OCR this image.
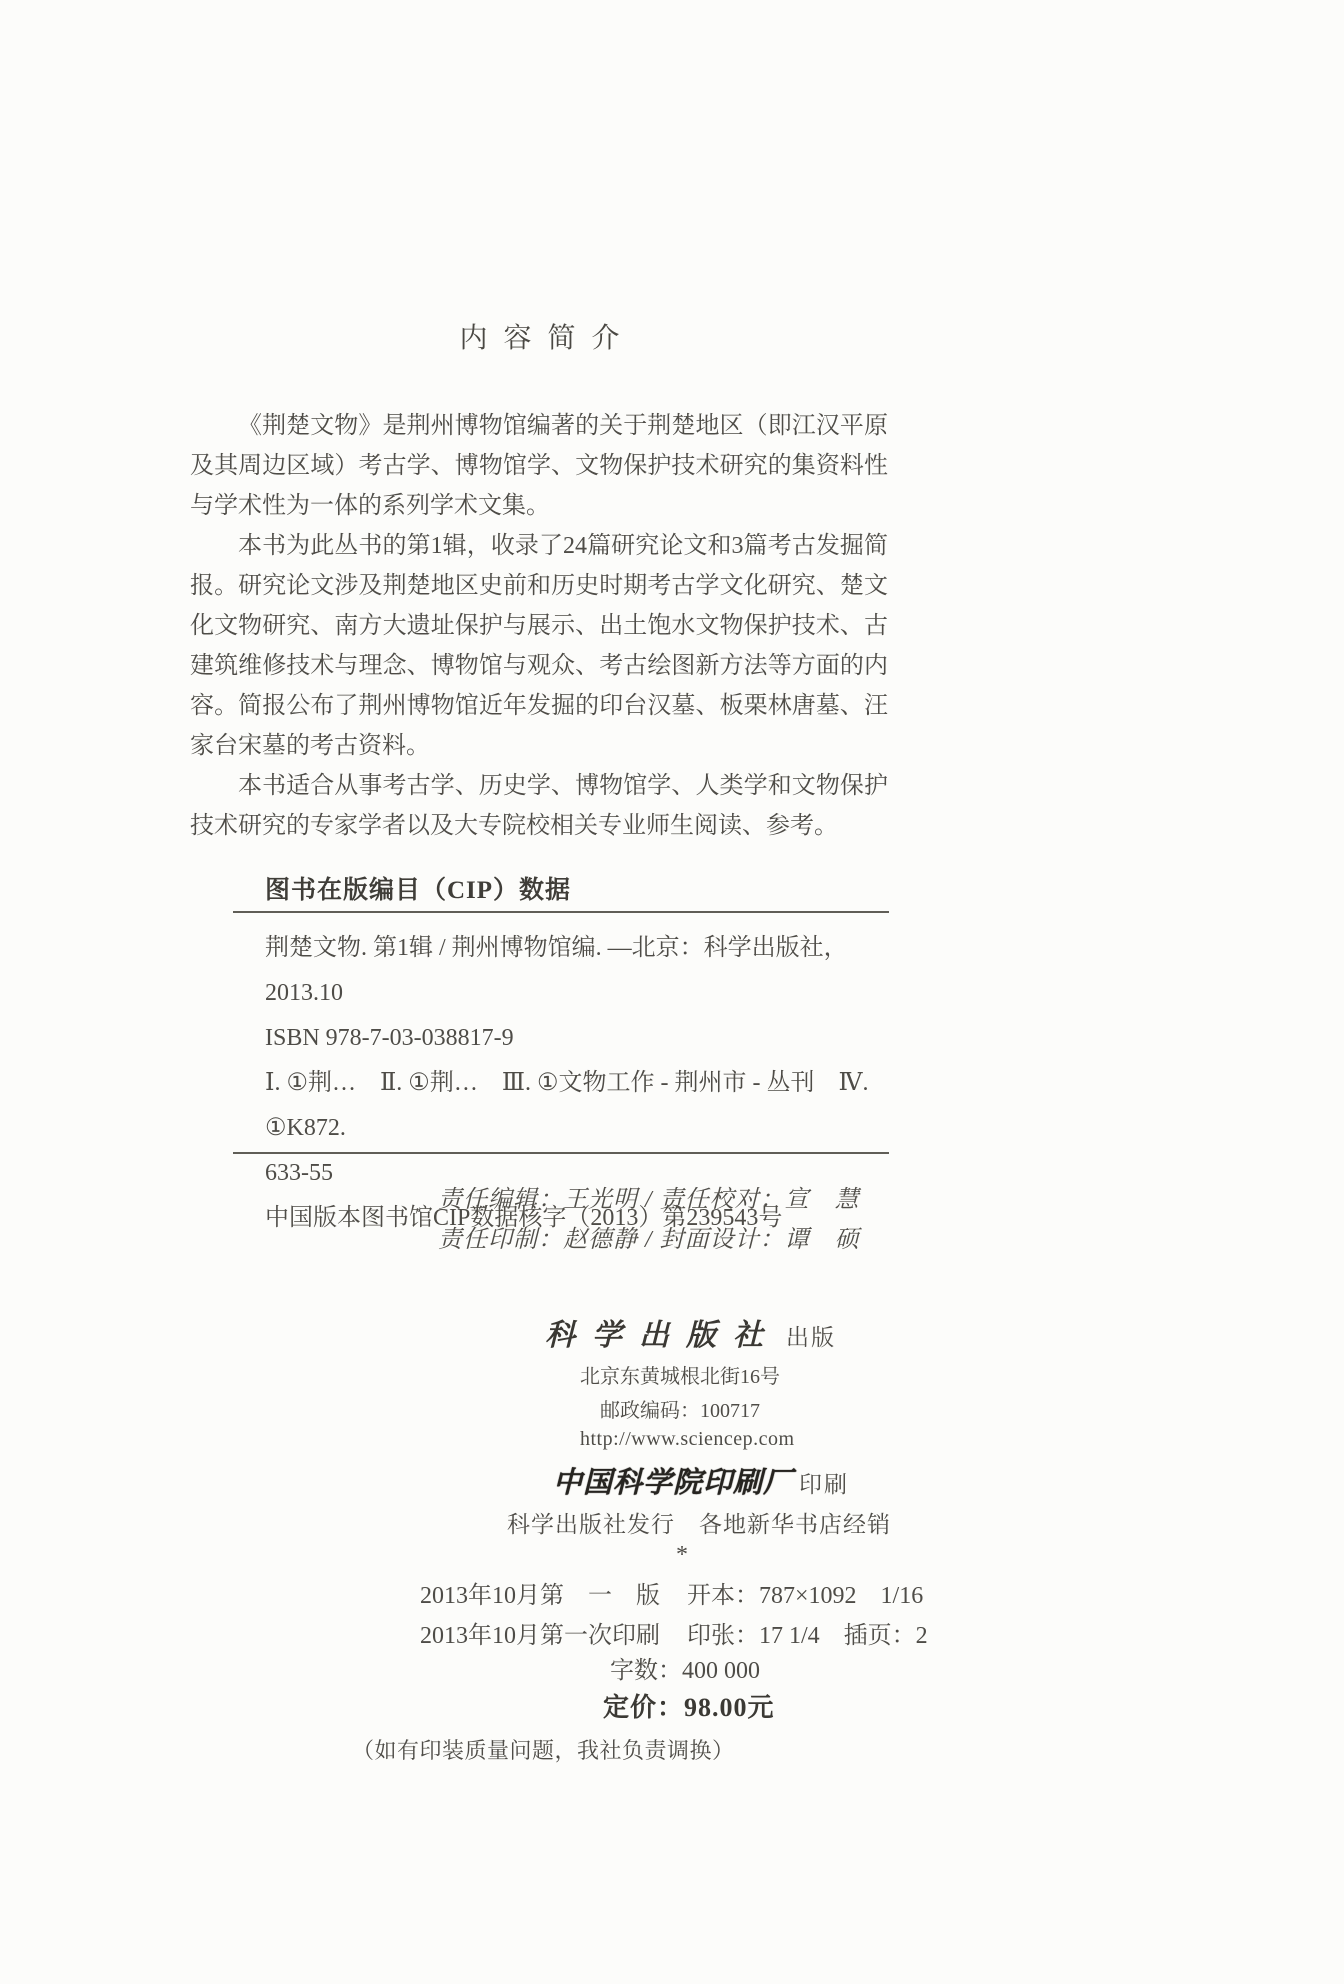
内 容 简 介

《荆楚文物》是荆州博物馆编著的关于荆楚地区（即江汉平原及其周边区域）考古学、博物馆学、文物保护技术研究的集资料性与学术性为一体的系列学术文集。

本书为此丛书的第1辑，收录了24篇研究论文和3篇考古发掘简报。研究论文涉及荆楚地区史前和历史时期考古学文化研究、楚文化文物研究、南方大遗址保护与展示、出土饱水文物保护技术、古建筑维修技术与理念、博物馆与观众、考古绘图新方法等方面的内容。简报公布了荆州博物馆近年发掘的印台汉墓、板栗林唐墓、汪家台宋墓的考古资料。

本书适合从事考古学、历史学、博物馆学、人类学和文物保护技术研究的专家学者以及大专院校相关专业师生阅读、参考。

图书在版编目（CIP）数据
荆楚文物. 第1辑 / 荆州博物馆编. —北京：科学出版社，2013.10
ISBN 978-7-03-038817-9
Ⅰ. ①荆…　Ⅱ. ①荆…　Ⅲ. ①文物工作 - 荆州市 - 丛刊　Ⅳ. ①K872.
633-55
中国版本图书馆CIP数据核字（2013）第239543号
责任编辑：王光明 / 责任校对：宣　慧
责任印制：赵德静 / 封面设计：谭　硕
科学出版社 出版
北京东黄城根北街16号
邮政编码：100717
http://www.sciencep.com
中国科学院印刷厂 印刷
科学出版社发行　各地新华书店经销
*
2013年10月第　一　版	开本：787×1092　1/16
2013年10月第一次印刷	印张：17 1/4　插页：2
字数：400 000
定价：98.00元
（如有印装质量问题，我社负责调换）
